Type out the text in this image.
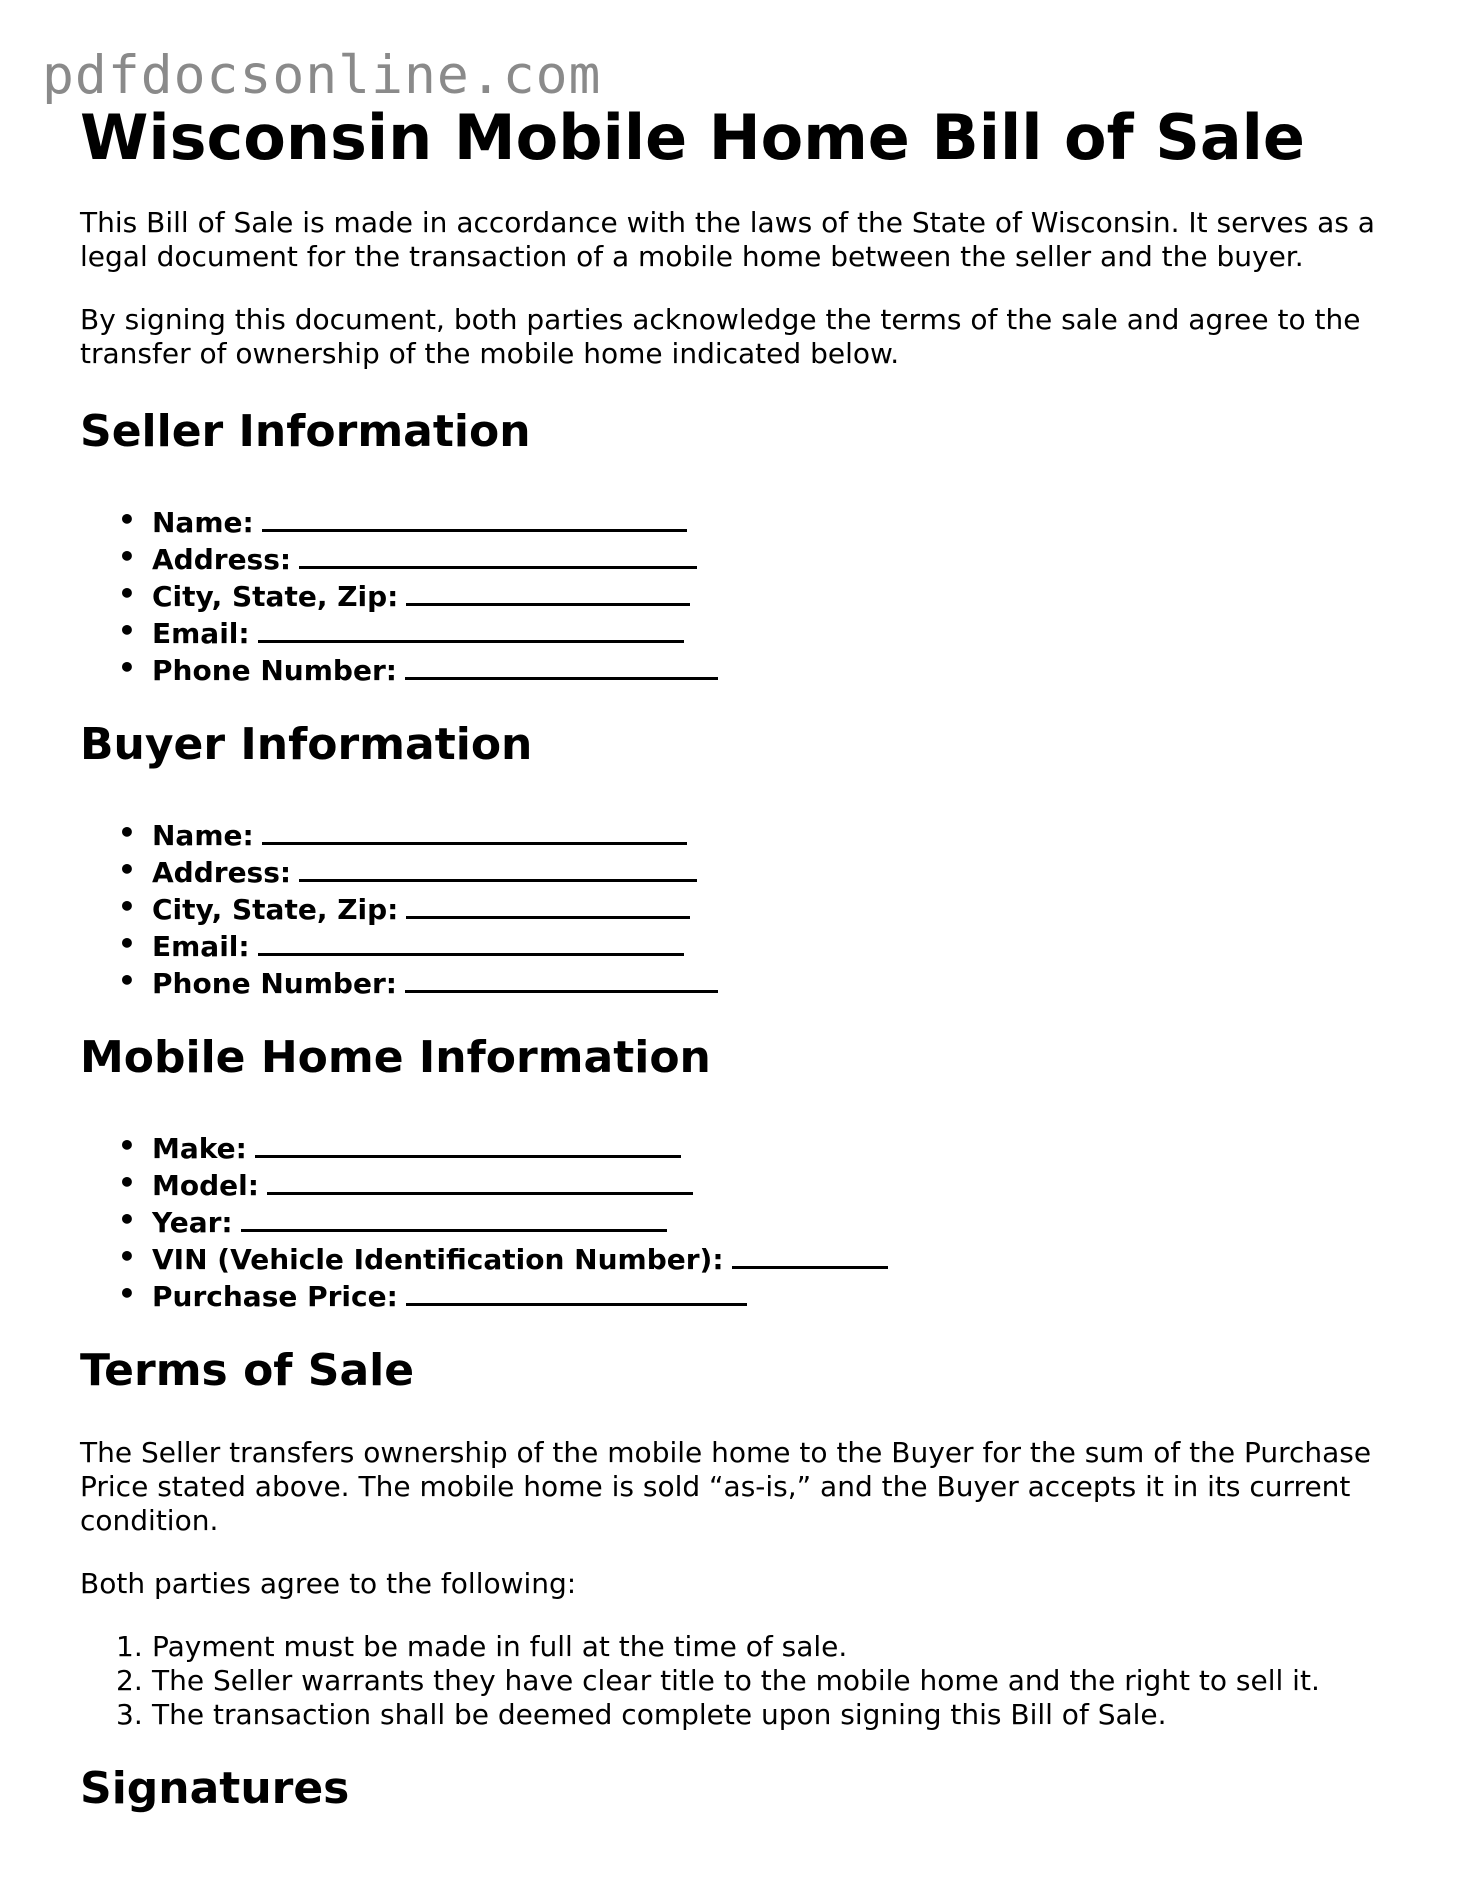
pdfdocsonline.com
Wisconsin Mobile Home Bill of Sale

This Bill of Sale is made in accordance with the laws of the State of Wisconsin. It serves as a legal document for the transaction of a mobile home between the seller and the buyer.

By signing this document, both parties acknowledge the terms of the sale and agree to the transfer of ownership of the mobile home indicated below.

Seller Information
• Name:
• Address:
• City, State, Zip:
• Email:
• Phone Number:
Buyer Information
• Name:
• Address:
• City, State, Zip:
• Email:
• Phone Number:
Mobile Home Information
• Make:
• Model:
• Year:
• VIN (Vehicle Identification Number):
• Purchase Price:
Terms of Sale

The Seller transfers ownership of the mobile home to the Buyer for the sum of the Purchase Price stated above. The mobile home is sold “as-is,” and the Buyer accepts it in its current condition.

Both parties agree to the following:

1. Payment must be made in full at the time of sale.
2. The Seller warrants they have clear title to the mobile home and the right to sell it.
3. The transaction shall be deemed complete upon signing this Bill of Sale.
Signatures
